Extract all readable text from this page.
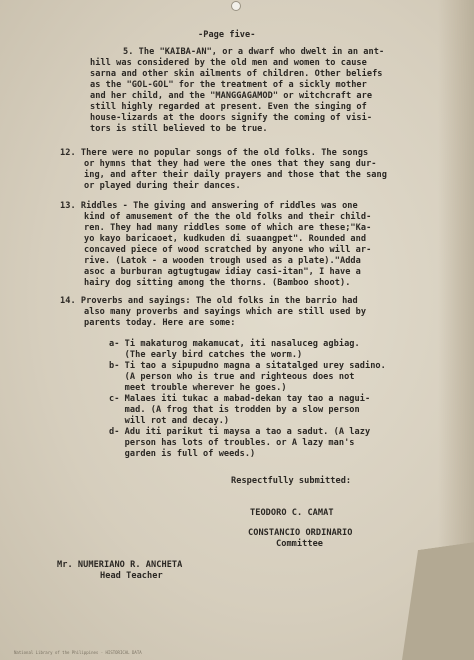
-Page five-
5. The "KAIBA-AN", or a dwarf who dwelt in an ant-
hill was considered by the old men and women to cause
sarna and other skin ailments of children. Other beliefs
as the "GOL-GOL" for the treatment of a sickly mother
and her child, and the "MANGGAGAMOD" or witchcraft are
still highly regarded at present. Even the singing of
house-lizards at the doors signify the coming of visi-
tors is still believed to be true.
12. There were no popular songs of the old folks. The songs
or hymns that they had were the ones that they sang dur-
ing, and after their daily prayers and those that the sang
or played during their dances.
13. Riddles - The giving and answering of riddles was one
kind of amusement of the the old folks and their child-
ren. They had many riddles some of which are these;"Ka-
yo kayo baricaoet, kudkuden di suaangpet". Rounded and
concaved piece of wood scratched by anyone who will ar-
rive. (Latok - a wooden trough used as a plate)."Adda
asoc a burburan agtugtugaw idiay casi-itan", I have a
hairy dog sitting among the thorns. (Bamboo shoot).
14. Proverbs and sayings: The old folks in the barrio had
also many proverbs and sayings which are still used by
parents today. Here are some:
a- Ti makaturog makamucat, iti nasaluceg agbiag.
(The early bird catches the worm.)
b- Ti tao a sipupudno magna a sitatalged urey sadino.
(A person who is true and righteous does not
meet trouble wherever he goes.)
c- Malaes iti tukac a mabad-dekan tay tao a nagui-
mad. (A frog that is trodden by a slow person
will rot and decay.)
d- Adu iti parikut ti maysa a tao a sadut. (A lazy
person has lots of troubles. or A lazy man's
garden is full of weeds.)
Respectfully submitted:
TEODORO C. CAMAT
CONSTANCIO ORDINARIO
Committee
Mr. NUMERIANO R. ANCHETA
Head Teacher
National Library of the Philippines · HISTORICAL DATA
